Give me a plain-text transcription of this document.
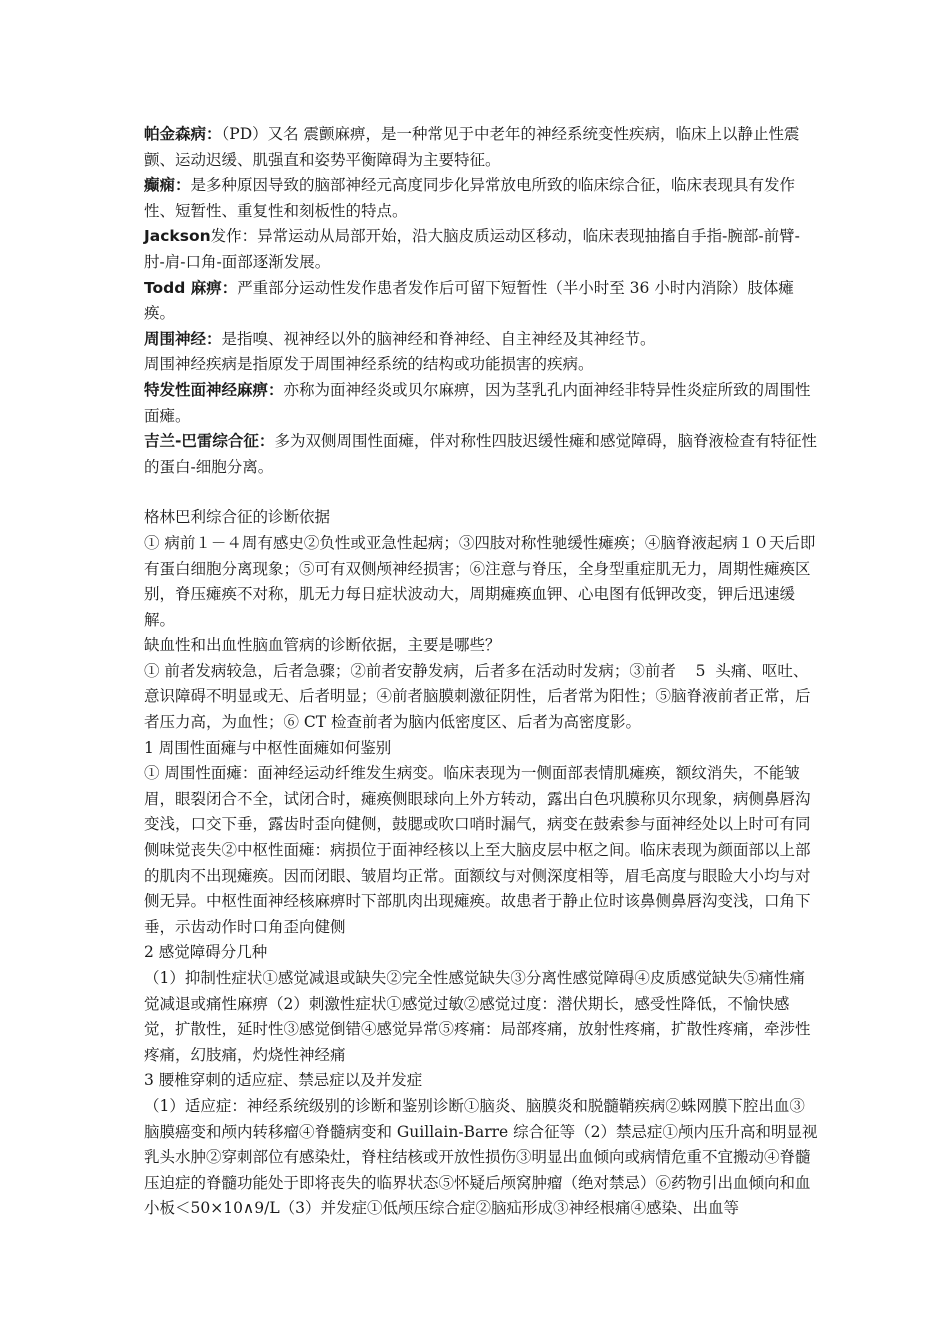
帕金森病：（PD）又名 震颤麻痹，是一种常见于中老年的神经系统变性疾病，临床上以静止性震颤、运动迟缓、肌强直和姿势平衡障碍为主要特征。

癫痫：是多种原因导致的脑部神经元高度同步化异常放电所致的临床综合征，临床表现具有发作性、短暂性、重复性和刻板性的特点。

Jackson发作：异常运动从局部开始，沿大脑皮质运动区移动，临床表现抽搐自手指-腕部-前臂-肘-肩-口角-面部逐渐发展。

Todd 麻痹：严重部分运动性发作患者发作后可留下短暂性（半小时至 36 小时内消除）肢体瘫痪。

周围神经：是指嗅、视神经以外的脑神经和脊神经、自主神经及其神经节。

周围神经疾病是指原发于周围神经系统的结构或功能损害的疾病。

特发性面神经麻痹：亦称为面神经炎或贝尔麻痹，因为茎乳孔内面神经非特异性炎症所致的周围性面瘫。

吉兰-巴雷综合征：多为双侧周围性面瘫，伴对称性四肢迟缓性瘫和感觉障碍，脑脊液检查有特征性的蛋白-细胞分离。

格林巴利综合征的诊断依据

① 病前１－４周有感史②负性或亚急性起病；③四肢对称性驰缓性瘫痪；④脑脊液起病１０天后即有蛋白细胞分离现象；⑤可有双侧颅神经损害；⑥注意与脊压，全身型重症肌无力，周期性瘫痪区别，脊压瘫痪不对称，肌无力每日症状波动大，周期瘫痪血钾、心电图有低钾改变，钾后迅速缓解。

缺血性和出血性脑血管病的诊断依据，主要是哪些？

① 前者发病较急，后者急骤；②前者安静发病，后者多在活动时发病；③前者    5  头痛、呕吐、意识障碍不明显或无、后者明显；④前者脑膜刺激征阴性，后者常为阳性；⑤脑脊液前者正常，后者压力高，为血性；⑥ CT 检查前者为脑内低密度区、后者为高密度影。

1 周围性面瘫与中枢性面瘫如何鉴别

① 周围性面瘫：面神经运动纤维发生病变。临床表现为一侧面部表情肌瘫痪，额纹消失，不能皱眉，眼裂闭合不全，试闭合时，瘫痪侧眼球向上外方转动，露出白色巩膜称贝尔现象，病侧鼻唇沟变浅，口交下垂，露齿时歪向健侧，鼓腮或吹口哨时漏气，病变在鼓索参与面神经处以上时可有同侧味觉丧失②中枢性面瘫：病损位于面神经核以上至大脑皮层中枢之间。临床表现为颜面部以上部的肌肉不出现瘫痪。因而闭眼、皱眉均正常。面额纹与对侧深度相等，眉毛高度与眼睑大小均与对侧无异。中枢性面神经核麻痹时下部肌肉出现瘫痪。故患者于静止位时该鼻侧鼻唇沟变浅，口角下垂，示齿动作时口角歪向健侧

2 感觉障碍分几种

（1）抑制性症状①感觉减退或缺失②完全性感觉缺失③分离性感觉障碍④皮质感觉缺失⑤痛性痛觉减退或痛性麻痹（2）刺激性症状①感觉过敏②感觉过度：潜伏期长，感受性降低，不愉快感觉，扩散性，延时性③感觉倒错④感觉异常⑤疼痛：局部疼痛，放射性疼痛，扩散性疼痛，牵涉性疼痛，幻肢痛，灼烧性神经痛

3 腰椎穿刺的适应症、禁忌症以及并发症

（1）适应症：神经系统级别的诊断和鉴别诊断①脑炎、脑膜炎和脱髓鞘疾病②蛛网膜下腔出血③脑膜癌变和颅内转移瘤④脊髓病变和 Guillain-Barre 综合征等（2）禁忌症①颅内压升高和明显视乳头水肿②穿刺部位有感染灶，脊柱结核或开放性损伤③明显出血倾向或病情危重不宜搬动④脊髓压迫症的脊髓功能处于即将丧失的临界状态⑤怀疑后颅窝肿瘤（绝对禁忌）⑥药物引出血倾向和血小板＜50×10∧9/L（3）并发症①低颅压综合症②脑疝形成③神经根痛④感染、出血等
